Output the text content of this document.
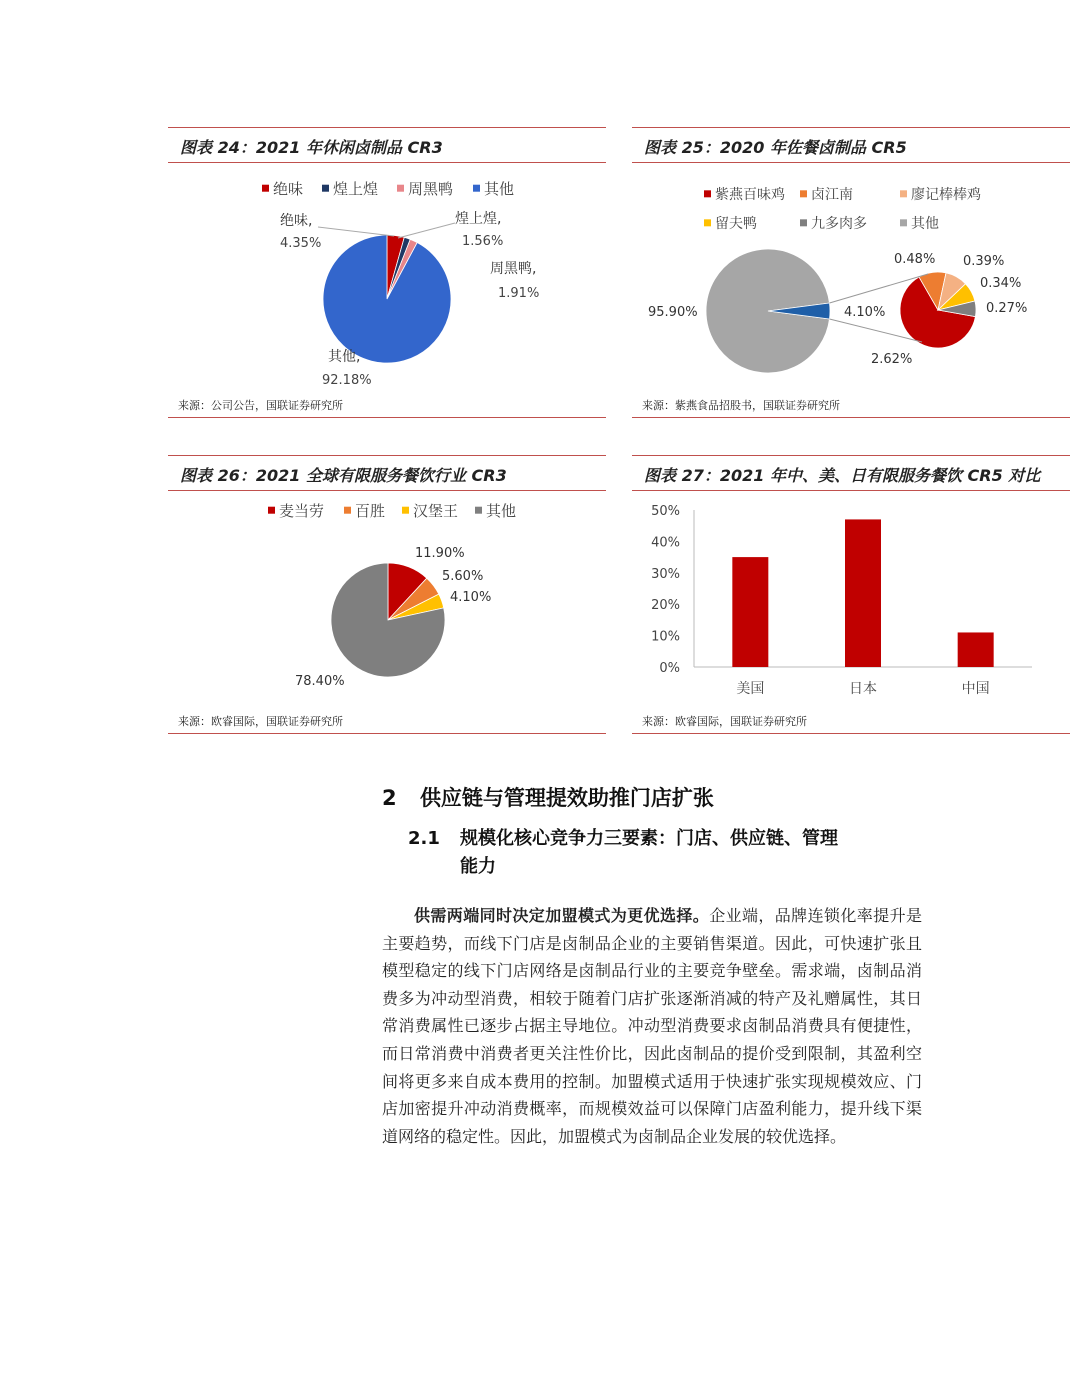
图表 24：2021 年休闲卤制品 CR3
绝味 煌上煌 周黑鸭 其他
绝味,
4.35%
煌上煌,
1.56%
周黑鸭,
1.91%
其他,
92.18%
来源：公司公告，国联证券研究所
图表 25：2020 年佐餐卤制品 CR5
紫燕百味鸡 卤江南	廖记棒棒鸡
留夫鸭	九多肉多	其他
95.90%	4.10%
2.62%
0.48% 0.39%
0.34%
0.27%
来源：紫燕食品招股书，国联证券研究所
图表 26：2021 全球有限服务餐饮行业 CR3
麦当劳 百胜 汉堡王 其他
11.90%
5.60%
4.10%
78.40%
来源：欧睿国际，国联证券研究所
图表 27：2021 年中、美、日有限服务餐饮 CR5 对比
0%
10%
20%
30%
40%
50%
美国	日本	中国
来源：欧睿国际，国联证券研究所
2 供应链与管理提效助推门店扩张
2.1 规模化核心竞争力三要素：门店、供应链、管理
能力
供需两端同时决定加盟模式为更优选择。企业端，品牌连锁化率提升是主要趋势，而线下门店是卤制品企业的主要销售渠道。因此，可快速扩张且模型稳定的线下门店网络是卤制品行业的主要竞争壁垒。需求端，卤制品消费多为冲动型消费，相较于随着门店扩张逐渐消减的特产及礼赠属性，其日常消费属性已逐步占据主导地位。冲动型消费要求卤制品消费具有便捷性，而日常消费中消费者更关注性价比，因此卤制品的提价受到限制，其盈利空间将更多来自成本费用的控制。加盟模式适用于快速扩张实现规模效应、门店加密提升冲动消费概率，而规模效益可以保障门店盈利能力，提升线下渠道网络的稳定性。因此，加盟模式为卤制品企业发展的较优选择。
